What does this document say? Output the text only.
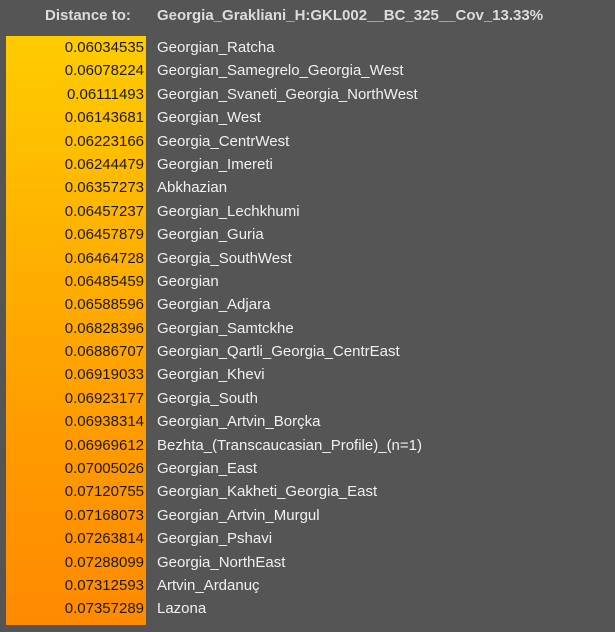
Distance to: Georgia_Grakliani_H:GKL002__BC_325__Cov_13.33%
0.06034535 Georgian_Ratcha
0.06078224 Georgian_Samegrelo_Georgia_West
0.06111493 Georgian_Svaneti_Georgia_NorthWest
0.06143681 Georgian_West
0.06223166 Georgia_CentrWest
0.06244479 Georgian_Imereti
0.06357273 Abkhazian
0.06457237 Georgian_Lechkhumi
0.06457879 Georgian_Guria
0.06464728 Georgia_SouthWest
0.06485459 Georgian
0.06588596 Georgian_Adjara
0.06828396 Georgian_Samtckhe
0.06886707 Georgian_Qartli_Georgia_CentrEast
0.06919033 Georgian_Khevi
0.06923177 Georgia_South
0.06938314 Georgian_Artvin_Borçka
0.06969612 Bezhta_(Transcaucasian_Profile)_(n=1)
0.07005026 Georgian_East
0.07120755 Georgian_Kakheti_Georgia_East
0.07168073 Georgian_Artvin_Murgul
0.07263814 Georgian_Pshavi
0.07288099 Georgia_NorthEast
0.07312593 Artvin_Ardanuç
0.07357289 Lazona
